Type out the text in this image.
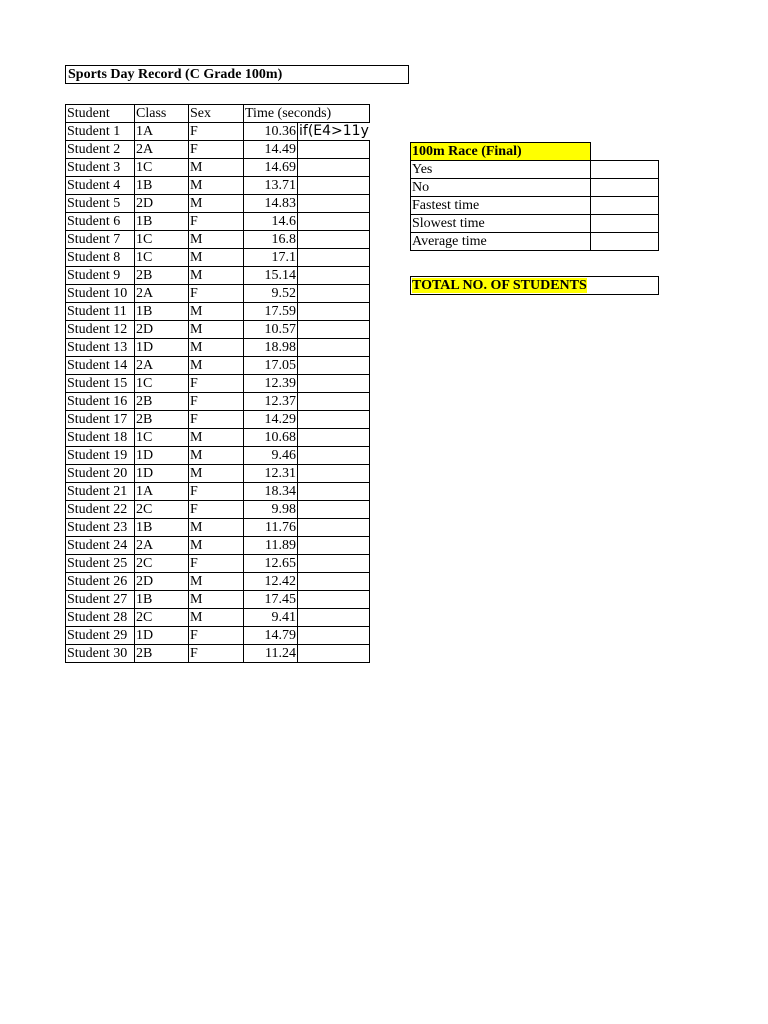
Sports Day Record (C Grade 100m)
Student	Class	Sex	Time (seconds)	
Student 1	1A	F	10.36	if(E4>11y
Student 2	2A	F	14.49	
Student 3	1C	M	14.69	
Student 4	1B	M	13.71	
Student 5	2D	M	14.83	
Student 6	1B	F	14.6	
Student 7	1C	M	16.8	
Student 8	1C	M	17.1	
Student 9	2B	M	15.14	
Student 10	2A	F	9.52	
Student 11	1B	M	17.59	
Student 12	2D	M	10.57	
Student 13	1D	M	18.98	
Student 14	2A	M	17.05	
Student 15	1C	F	12.39	
Student 16	2B	F	12.37	
Student 17	2B	F	14.29	
Student 18	1C	M	10.68	
Student 19	1D	M	9.46	
Student 20	1D	M	12.31	
Student 21	1A	F	18.34	
Student 22	2C	F	9.98	
Student 23	1B	M	11.76	
Student 24	2A	M	11.89	
Student 25	2C	F	12.65	
Student 26	2D	M	12.42	
Student 27	1B	M	17.45	
Student 28	2C	M	9.41	
Student 29	1D	F	14.79	
Student 30	2B	F	11.24	
100m Race (Final)	
Yes	
No	
Fastest time	
Slowest time	
Average time	
TOTAL NO. OF STUDENTS
